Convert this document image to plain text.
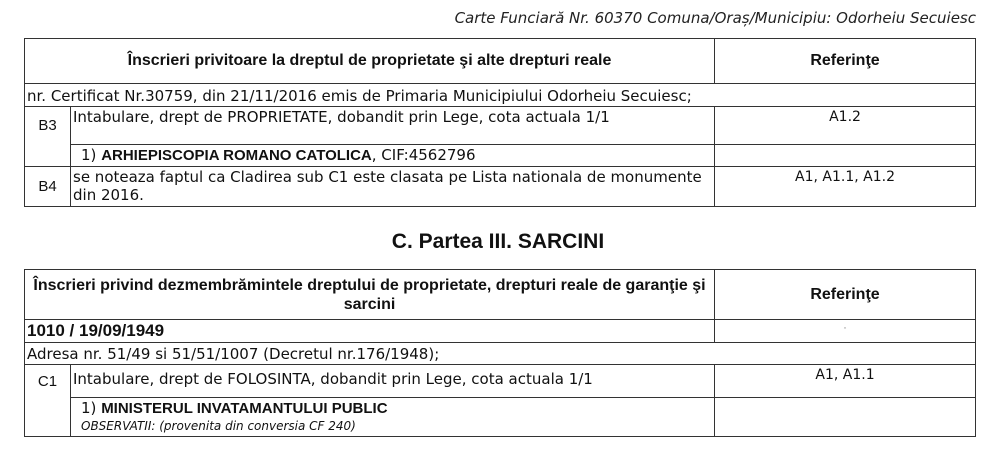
Carte Funciară Nr. 60370 Comuna/Oraș/Municipiu: Odorheiu Secuiesc
Înscrieri privitoare la dreptul de proprietate şi alte drepturi reale		Referinţe
nr. Certificat Nr.30759, din 21/11/2016 emis de Primaria Municipiului Odorheiu Secuiesc;		
B3	Intabulare, drept de PROPRIETATE, dobandit prin Lege, cota actuala 1/1	A1.2
	1) ARHIEPISCOPIA ROMANO CATOLICA, CIF:4562796	
B4	se noteaza faptul ca Cladirea sub C1 este clasata pe Lista nationala de monumente din 2016.	A1, A1.1, A1.2
C. Partea III. SARCINI
Înscrieri privind dezmembrămintele dreptului de proprietate, drepturi reale de garanţie şi sarcini		Referinţe
1010 / 19/09/1949		ˆ
Adresa nr. 51/49 si 51/51/1007 (Decretul nr.176/1948);		
C1	Intabulare, drept de FOLOSINTA, dobandit prin Lege, cota actuala 1/1	A1, A1.1
	1) MINISTERUL INVATAMANTULUI PUBLIC	
	OBSERVATII: (provenita din conversia CF 240)	
